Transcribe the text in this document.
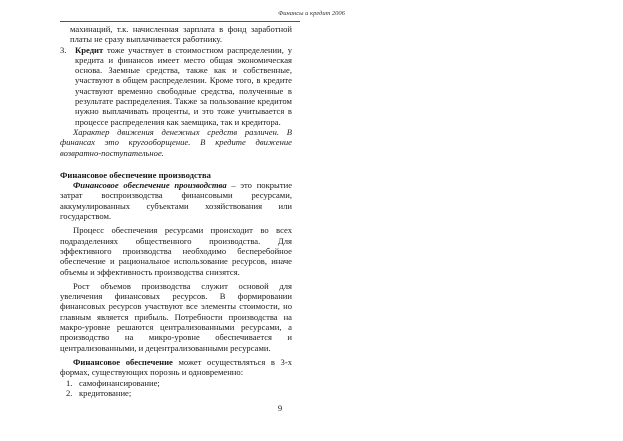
Финансы и кредит 2006

махинаций, т.к. начисленная зарплата в фонд заработной платы не сразу выплачивается работнику.

3. Кредит тоже участвует в стоимостном распределении, у кредита и финансов имеет место общая экономическая основа. Заемные средства, также как и собственные, участвуют в общем распределении. Кроме того, в кредите участвуют временно свободные средства, полученные в результате распределения. Также за пользование кредитом нужно выплачивать проценты, и это тоже учитывается в процессе распределения как заемщика, так и кредитора.

Характер движения денежных средств различен. В финансах это кругооборщение. В кредите движение возвратно-поступательное.

Финансовое обеспечение производства

Финансовое обеспечение производства – это покрытие затрат воспроизводства финансовыми ресурсами, аккумулированных субъектами хозяйствования или государством.

Процесс обеспечения ресурсами происходит во всех подразделениях общественного производства. Для эффективного производства необходимо бесперебойное обеспечение и рациональное использование ресурсов, иначе объемы и эффективность производства снизятся.

Рост объемов производства служит основой для увеличения финансовых ресурсов. В формировании финансовых ресурсов участвуют все элементы стоимости, но главным является прибыль. Потребности производства на макро-уровне решаются централизованными ресурсами, а производство на микро-уровне обеспечивается и централизованными, и децентрализованными ресурсами.

Финансовое обеспечение может осуществляться в 3-х формах, существующих порознь и одновременно:

1. самофинансирование;
2. кредитование;
9
